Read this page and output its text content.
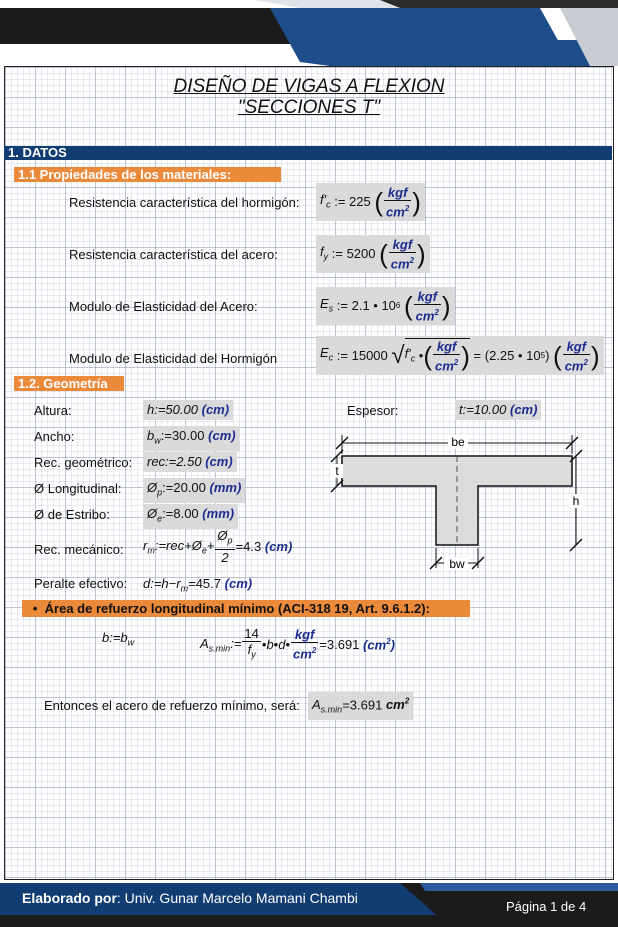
DISEÑO DE VIGAS A FLEXION
"SECCIONES T"
1. DATOS
1.1 Propiedades de los materiales:
Resistencia característica del hormigón: $f'_c$ := 225
( $\frac{\text{kgf}}{cm^2}$ )
Resistencia característica del acero:	$f_y$ := 5200
( $\frac{\text{kgf}}{cm^2}$ )
Modulo de Elasticidad del Acero:	$E_s$ := 2.1 • 10 6
( $\frac{\text{kgf}}{cm^2}$ )
Modulo de Elasticidad del Hormigón	$E_c$ := 15000
√ $f'_c$ • ( $\frac{\text{kgf}}{cm^2}$ ) = ( 2.25 • 10 5 ) ( $\frac{\text{kgf}}{cm^2}$ )
1.2. Geometría
Altura:	h:=50.00 (cm)
Ancho:	$b_w:=30.00$ (cm)
Rec. geométrico:	rec:=2.50 (cm)
Ø Longitudinal:	$Ø_p:=20.00$ (mm)
Ø de Estribo:	$Ø_e:=8.00$ (mm)
Rec. mecánico: $r_m:=rec+Ø_e+ \frac{Ø_p}{2} = 4.3$
(cm)
Peralte efectivo: $d:=h-r_m=45.7$ (cm)
Espesor:	t:=10.00 (cm)
be
t
h
bw
• Área de refuerzo longitudinal mínimo (ACI-318 19, Art. 9.6.1.2):
$b:=b_w$	$A_{s.min}:= \frac{14}{f_y}$ • b • d • $\frac{\text{kgf}}{cm^2} = 3.691$
$(cm^2)$
Entonces el acero de refuerzo mínimo, será: $A_{s.min}=3.691$ $cm^2$
Elaborado por: Univ. Gunar Marcelo Mamani Chambi
Página 1 de 4
